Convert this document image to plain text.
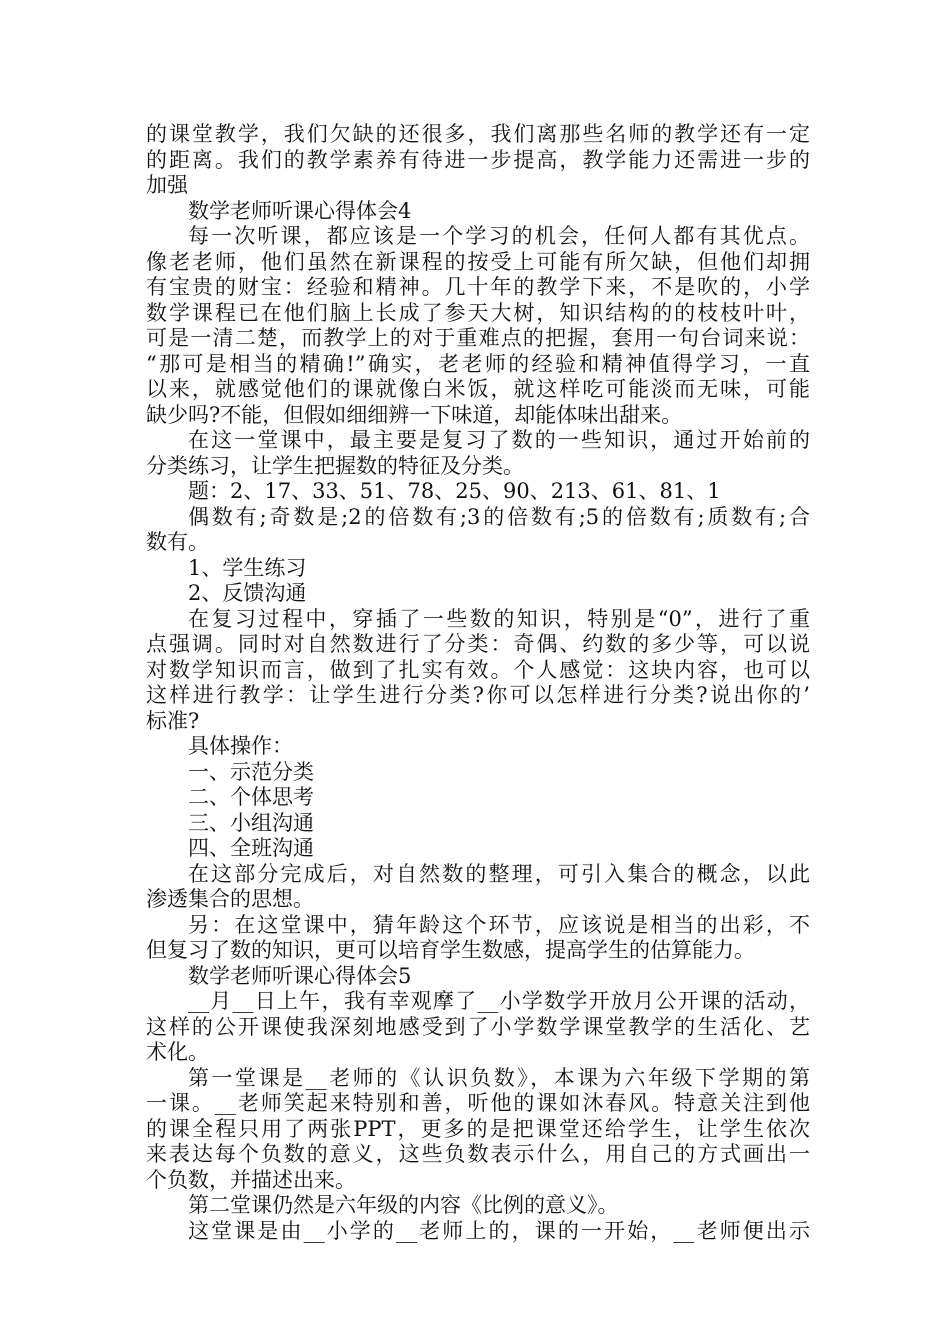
的课堂教学，我们欠缺的还很多，我们离那些名师的教学还有一定
的距离。我们的教学素养有待进一步提高，教学能力还需进一步的
加强
数学老师听课心得体会4
每一次听课，都应该是一个学习的机会，任何人都有其优点。
像老老师，他们虽然在新课程的按受上可能有所欠缺，但他们却拥
有宝贵的财宝：经验和精神。几十年的教学下来，不是吹的，小学
数学课程已在他们脑上长成了参天大树，知识结构的的枝枝叶叶，
可是一清二楚，而教学上的对于重难点的把握，套用一句台词来说：
“那可是相当的精确!”确实，老老师的经验和精神值得学习，一直
以来，就感觉他们的课就像白米饭，就这样吃可能淡而无味，可能
缺少吗?不能，但假如细细辨一下味道，却能体味出甜来。
在这一堂课中，最主要是复习了数的一些知识，通过开始前的
分类练习，让学生把握数的特征及分类。
题：2、17、33、51、78、25、90、213、61、81、1
偶数有;奇数是;2的倍数有;3的倍数有;5的倍数有;质数有;合
数有。
1、学生练习
2、反馈沟通
在复习过程中，穿插了一些数的知识，特别是“0”，进行了重
点强调。同时对自然数进行了分类：奇偶、约数的多少等，可以说
对数学知识而言，做到了扎实有效。个人感觉：这块内容，也可以
这样进行教学：让学生进行分类?你可以怎样进行分类?说出你的’
标准?
具体操作：
一、示范分类
二、个体思考
三、小组沟通
四、全班沟通
在这部分完成后，对自然数的整理，可引入集合的概念，以此
渗透集合的思想。
另：在这堂课中，猜年龄这个环节，应该说是相当的出彩，不
但复习了数的知识，更可以培育学生数感，提高学生的估算能力。
数学老师听课心得体会5
__月__日上午，我有幸观摩了__小学数学开放月公开课的活动，
这样的公开课使我深刻地感受到了小学数学课堂教学的生活化、艺
术化。
第一堂课是__老师的《认识负数》，本课为六年级下学期的第
一课。__老师笑起来特别和善，听他的课如沐春风。特意关注到他
的课全程只用了两张PPT，更多的是把课堂还给学生，让学生依次
来表达每个负数的意义，这些负数表示什么，用自己的方式画出一
个负数，并描述出来。
第二堂课仍然是六年级的内容《比例的意义》。
这堂课是由__小学的__老师上的，课的一开始，__老师便出示
